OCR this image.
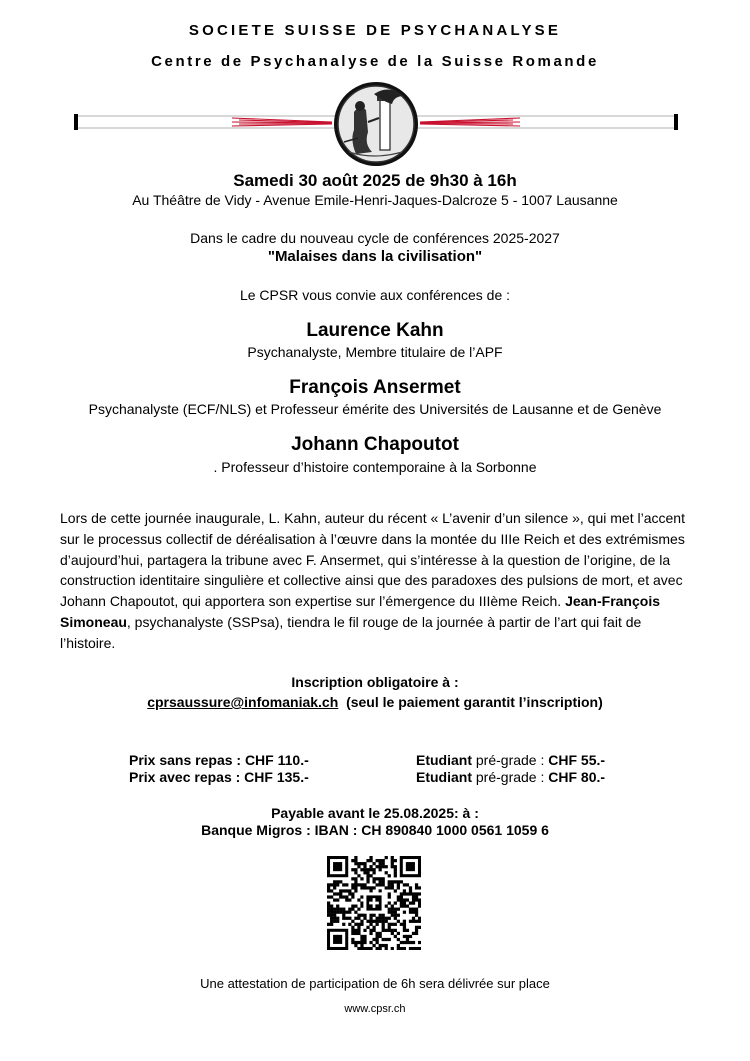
SOCIETE SUISSE DE PSYCHANALYSE
Centre de Psychanalyse de la Suisse Romande
Samedi 30 août 2025 de 9h30 à 16h
Au Théâtre de Vidy - Avenue Emile-Henri-Jaques-Dalcroze 5 - 1007 Lausanne
Dans le cadre du nouveau cycle de conférences 2025-2027
"Malaises dans la civilisation"
Le CPSR vous convie aux conférences de :
Laurence Kahn
Psychanalyste, Membre titulaire de l’APF
François Ansermet
Psychanalyste (ECF/NLS) et Professeur émérite des Universités de Lausanne et de Genève
Johann Chapoutot
. Professeur d’histoire contemporaine à la Sorbonne
Lors de cette journée inaugurale, L. Kahn, auteur du récent « L’avenir d’un silence », qui met l’accent sur le processus collectif de déréalisation à l’œuvre dans la montée du IIIe Reich et des extrémismes d’aujourd’hui, partagera la tribune avec F. Ansermet, qui s’intéresse à la question de l’origine, de la construction identitaire singulière et collective ainsi que des paradoxes des pulsions de mort, et avec Johann Chapoutot, qui apportera son expertise sur l’émergence du IIIème Reich. Jean-François Simoneau, psychanalyste (SSPsa), tiendra le fil rouge de la journée à partir de l’art qui fait de l’histoire.
Inscription obligatoire à :
cprsaussure@infomaniak.ch (seul le paiement garantit l’inscription)
Prix sans repas : CHF 110.-
Prix avec repas : CHF 135.-
Etudiant pré-grade : CHF 55.-
Etudiant pré-grade : CHF 80.-
Payable avant le 25.08.2025: à :
Banque Migros : IBAN : CH 890840 1000 0561 1059 6
Une attestation de participation de 6h sera délivrée sur place
www.cpsr.ch
